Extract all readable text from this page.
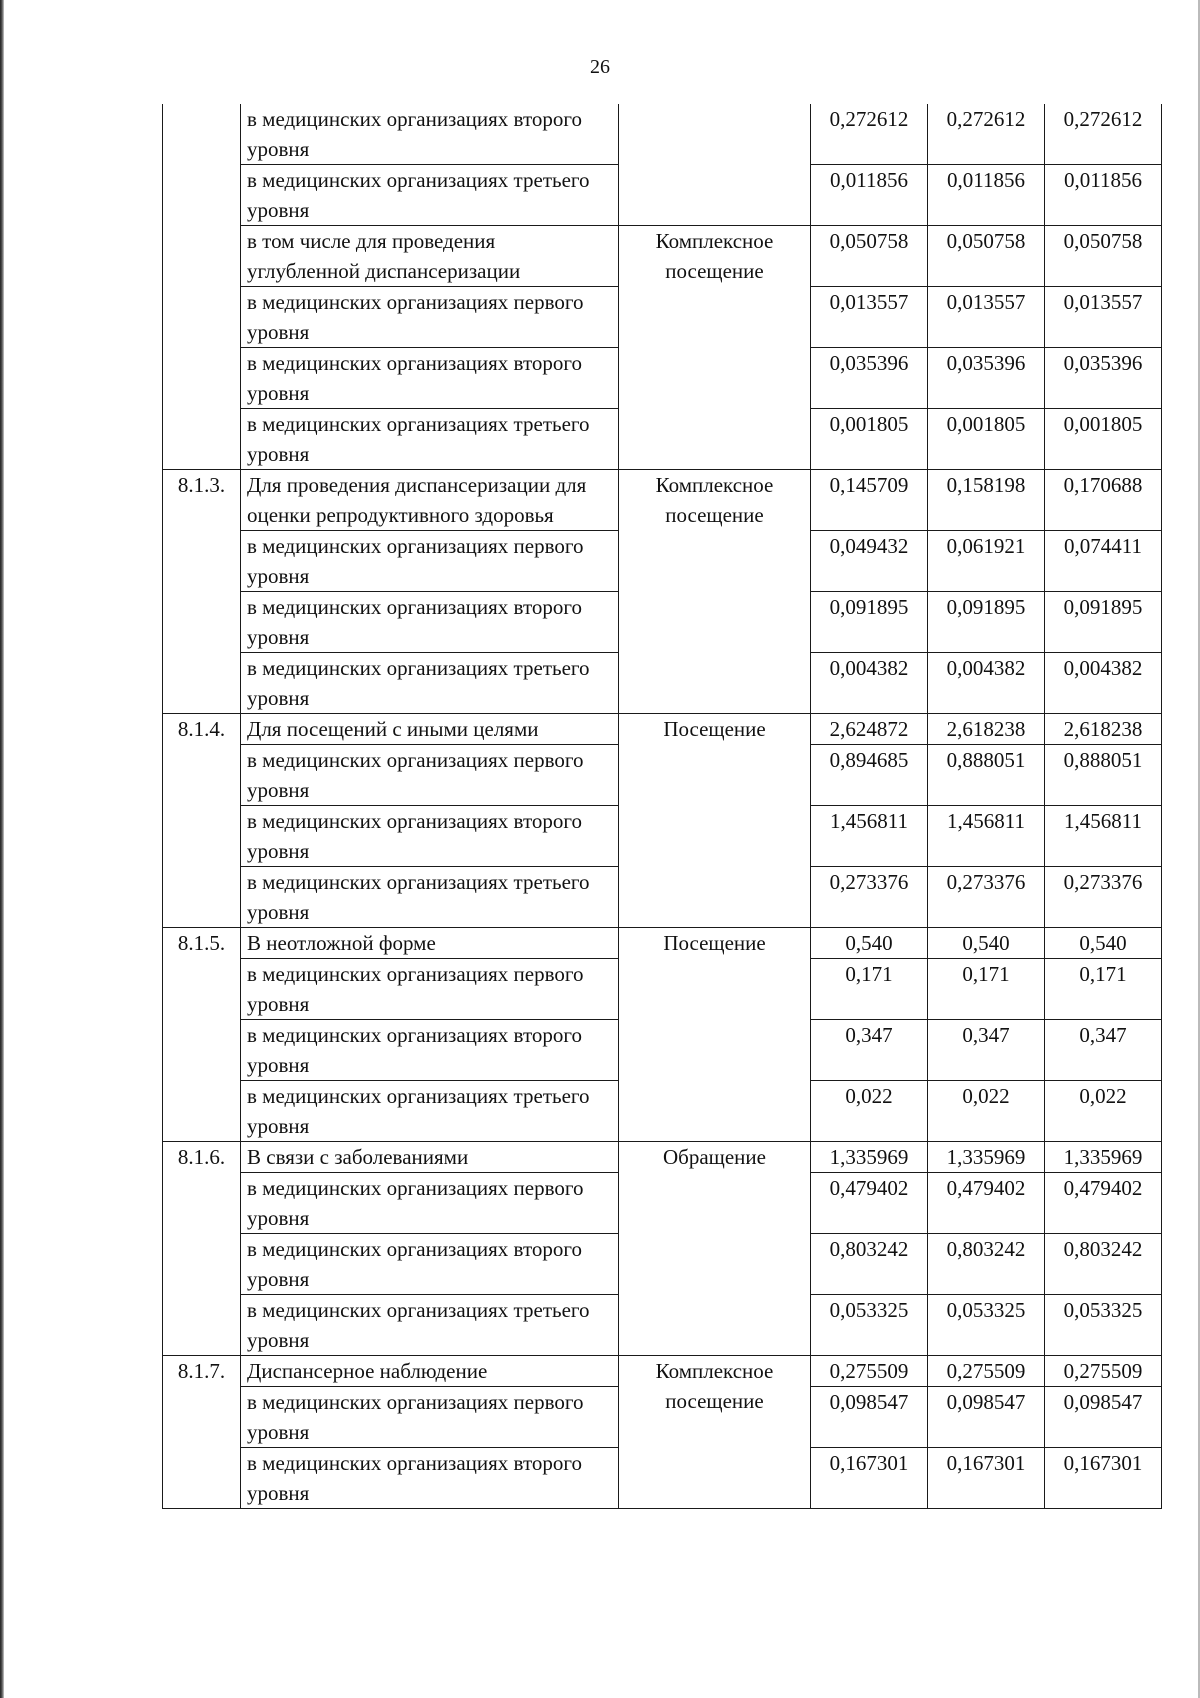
26
	в медицинских организациях второго уровня		0,272612	0,272612	0,272612
	в медицинских организациях третьего уровня		0,011856	0,011856	0,011856
	в том числе для проведения углубленной диспансеризации	Комплексное посещение	0,050758	0,050758	0,050758
	в медицинских организациях первого уровня		0,013557	0,013557	0,013557
	в медицинских организациях второго уровня		0,035396	0,035396	0,035396
	в медицинских организациях третьего уровня		0,001805	0,001805	0,001805
8.1.3.	Для проведения диспансеризации для оценки репродуктивного здоровья	Комплексное посещение	0,145709	0,158198	0,170688
	в медицинских организациях первого уровня		0,049432	0,061921	0,074411
	в медицинских организациях второго уровня		0,091895	0,091895	0,091895
	в медицинских организациях третьего уровня		0,004382	0,004382	0,004382
8.1.4.	Для посещений с иными целями	Посещение	2,624872	2,618238	2,618238
	в медицинских организациях первого уровня		0,894685	0,888051	0,888051
	в медицинских организациях второго уровня		1,456811	1,456811	1,456811
	в медицинских организациях третьего уровня		0,273376	0,273376	0,273376
8.1.5.	В неотложной форме	Посещение	0,540	0,540	0,540
	в медицинских организациях первого уровня		0,171	0,171	0,171
	в медицинских организациях второго уровня		0,347	0,347	0,347
	в медицинских организациях третьего уровня		0,022	0,022	0,022
8.1.6.	В связи с заболеваниями	Обращение	1,335969	1,335969	1,335969
	в медицинских организациях первого уровня		0,479402	0,479402	0,479402
	в медицинских организациях второго уровня		0,803242	0,803242	0,803242
	в медицинских организациях третьего уровня		0,053325	0,053325	0,053325
8.1.7.	Диспансерное наблюдение	Комплексное посещение	0,275509	0,275509	0,275509
	в медицинских организациях первого уровня		0,098547	0,098547	0,098547
	в медицинских организациях второго уровня		0,167301	0,167301	0,167301
